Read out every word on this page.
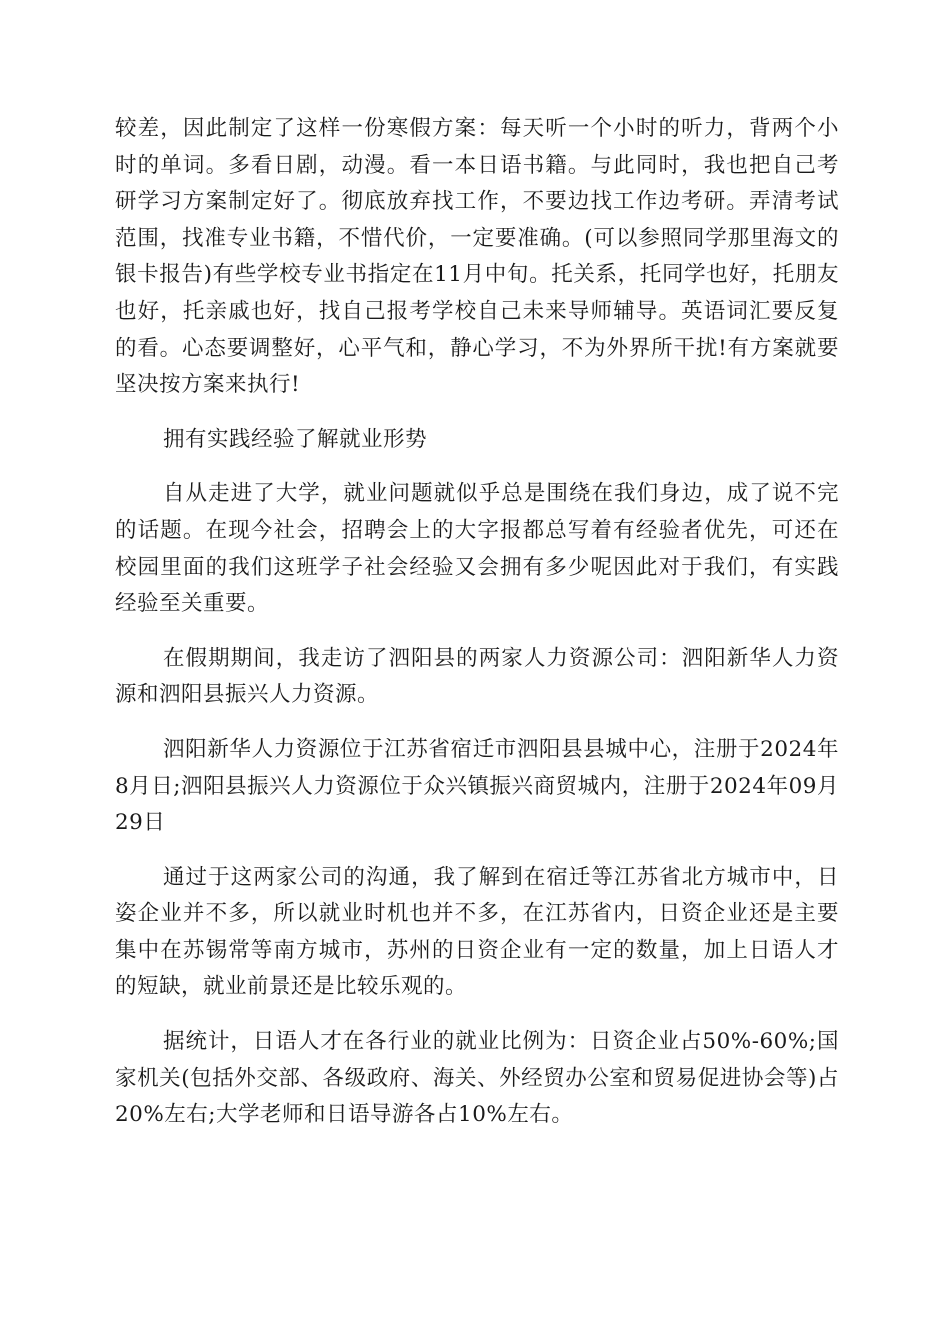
较差，因此制定了这样一份寒假方案：每天听一个小时的听力，背两个小时的单词。多看日剧，动漫。看一本日语书籍。与此同时，我也把自己考研学习方案制定好了。彻底放弃找工作，不要边找工作边考研。弄清考试范围，找准专业书籍，不惜代价，一定要准确。(可以参照同学那里海文的银卡报告)有些学校专业书指定在11月中旬。托关系，托同学也好，托朋友也好，托亲戚也好，找自己报考学校自己未来导师辅导。英语词汇要反复的看。心态要调整好，心平气和，静心学习，不为外界所干扰!有方案就要坚决按方案来执行!

拥有实践经验了解就业形势

自从走进了大学，就业问题就似乎总是围绕在我们身边，成了说不完的话题。在现今社会，招聘会上的大字报都总写着有经验者优先，可还在校园里面的我们这班学子社会经验又会拥有多少呢因此对于我们，有实践经验至关重要。

在假期期间，我走访了泗阳县的两家人力资源公司：泗阳新华人力资源和泗阳县振兴人力资源。

泗阳新华人力资源位于江苏省宿迁市泗阳县县城中心，注册于2024年8月日;泗阳县振兴人力资源位于众兴镇振兴商贸城内，注册于2024年09月29日

通过于这两家公司的沟通，我了解到在宿迁等江苏省北方城市中，日姿企业并不多，所以就业时机也并不多，在江苏省内，日资企业还是主要集中在苏锡常等南方城市，苏州的日资企业有一定的数量，加上日语人才的短缺，就业前景还是比较乐观的。

据统计，日语人才在各行业的就业比例为：日资企业占50%-60%;国家机关(包括外交部、各级政府、海关、外经贸办公室和贸易促进协会等)占20%左右;大学老师和日语导游各占10%左右。
